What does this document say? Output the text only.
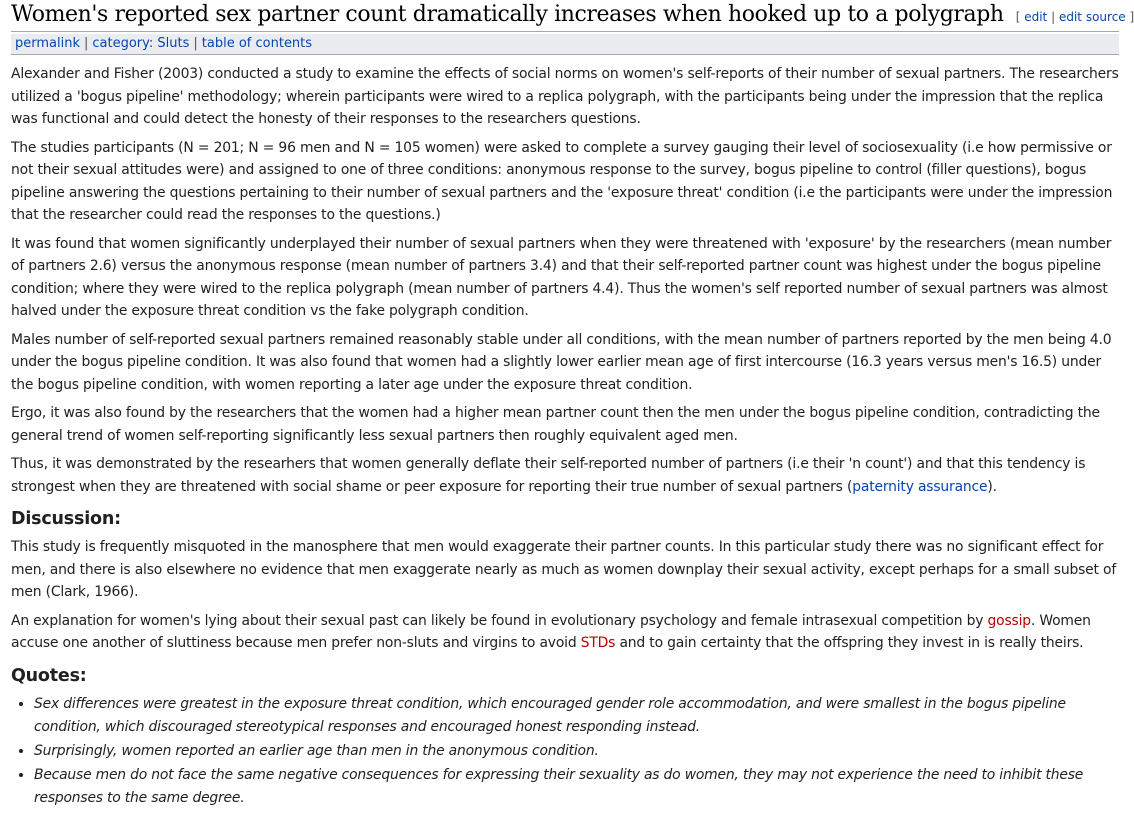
Women's reported sex partner count dramatically increases when hooked up to a polygraph [ edit | edit source ]
permalink | category: Sluts | table of contents

Alexander and Fisher (2003) conducted a study to examine the effects of social norms on women's self-reports of their number of sexual partners. The researchers utilized a 'bogus pipeline' methodology; wherein participants were wired to a replica polygraph, with the participants being under the impression that the replica was functional and could detect the honesty of their responses to the researchers questions.

The studies participants (N = 201; N = 96 men and N = 105 women) were asked to complete a survey gauging their level of sociosexuality (i.e how permissive or not their sexual attitudes were) and assigned to one of three conditions: anonymous response to the survey, bogus pipeline to control (filler questions), bogus pipeline answering the questions pertaining to their number of sexual partners and the 'exposure threat' condition (i.e the participants were under the impression that the researcher could read the responses to the questions.)

It was found that women significantly underplayed their number of sexual partners when they were threatened with 'exposure' by the researchers (mean number of partners 2.6) versus the anonymous response (mean number of partners 3.4) and that their self-reported partner count was highest under the bogus pipeline condition; where they were wired to the replica polygraph (mean number of partners 4.4). Thus the women's self reported number of sexual partners was almost halved under the exposure threat condition vs the fake polygraph condition.

Males number of self-reported sexual partners remained reasonably stable under all conditions, with the mean number of partners reported by the men being 4.0 under the bogus pipeline condition. It was also found that women had a slightly lower earlier mean age of first intercourse (16.3 years versus men's 16.5) under the bogus pipeline condition, with women reporting a later age under the exposure threat condition.

Ergo, it was also found by the researchers that the women had a higher mean partner count then the men under the bogus pipeline condition, contradicting the general trend of women self-reporting significantly less sexual partners then roughly equivalent aged men.

Thus, it was demonstrated by the researhers that women generally deflate their self-reported number of partners (i.e their 'n count') and that this tendency is strongest when they are threatened with social shame or peer exposure for reporting their true number of sexual partners (paternity assurance).

Discussion:

This study is frequently misquoted in the manosphere that men would exaggerate their partner counts. In this particular study there was no significant effect for men, and there is also elsewhere no evidence that men exaggerate nearly as much as women downplay their sexual activity, except perhaps for a small subset of men (Clark, 1966).

An explanation for women's lying about their sexual past can likely be found in evolutionary psychology and female intrasexual competition by gossip. Women accuse one another of sluttiness because men prefer non-sluts and virgins to avoid STDs and to gain certainty that the offspring they invest in is really theirs.

Quotes:
• Sex differences were greatest in the exposure threat condition, which encouraged gender role accommodation, and were smallest in the bogus pipeline condition, which discouraged stereotypical responses and encouraged honest responding instead.
• Surprisingly, women reported an earlier age than men in the anonymous condition.
• Because men do not face the same negative consequences for expressing their sexuality as do women, they may not experience the need to inhibit these responses to the same degree.
